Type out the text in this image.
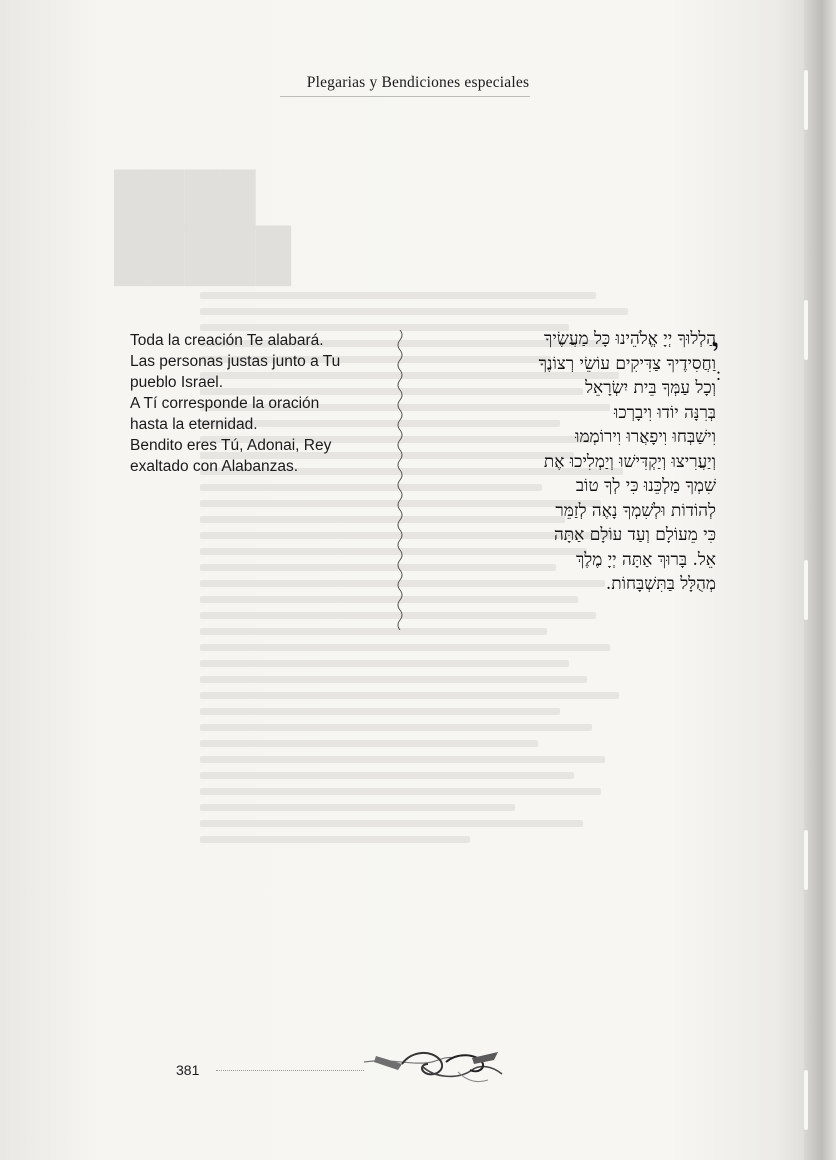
████
█████
Plegarias y Bendiciones especiales
Toda la creación Te alabará.
Las personas justas junto a Tu
pueblo Israel.
A Tí corresponde la oración
hasta la eternidad.
Bendito eres Tú, Adonai, Rey
exaltado con Alabanzas.
הַלְלוּךָ יְיָ אֱלֹהֵינוּ כָּל מַעֲשֶׂיךָ
וַחֲסִידֶיךָ צַדִּיקִים עוֹשֵׂי רְצוֹנֶךָ
וְכָל עַמְּךָ בֵּית יִשְׂרָאֵל
בְּרִנָּה יוֹדוּ וִיבָרְכוּ
וִישַׁבְּחוּ וִיפָאֲרוּ וִירוֹמְמוּ
וְיַעֲרִיצוּ וְיַקְדִּישׁוּ וְיַמְלִיכוּ אֶת
שִׁמְךָ מַלְכֵּנוּ כִּי לְךָ טוֹב
לְהוֹדוֹת וּלְשִׁמְךָ נָאֶה לְזַמֵּר
כִּי מֵעוֹלָם וְעַד עוֹלָם אַתָּה
אֵל. בָּרוּךְ אַתָּה יְיָ מֶלֶךְ
מְהֻלָּל בַּתִּשְׁבָּחוֹת.
י
:
381
